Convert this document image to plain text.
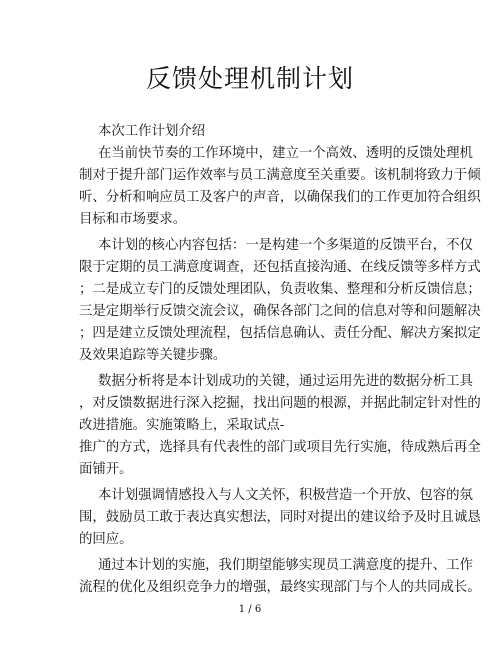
反馈处理机制计划
本次工作计划介绍
在当前快节奏的工作环境中，建立一个高效、透明的反馈处理机
制对于提升部门运作效率与员工满意度至关重要。该机制将致力于倾
听、分析和响应员工及客户的声音，以确保我们的工作更加符合组织
目标和市场要求。
本计划的核心内容包括：一是构建一个多渠道的反馈平台，不仅
限于定期的员工满意度调查，还包括直接沟通、在线反馈等多样方式
；二是成立专门的反馈处理团队，负责收集、整理和分析反馈信息；
三是定期举行反馈交流会议，确保各部门之间的信息对等和问题解决
；四是建立反馈处理流程，包括信息确认、责任分配、解决方案拟定
及效果追踪等关键步骤。
数据分析将是本计划成功的关键，通过运用先进的数据分析工具
，对反馈数据进行深入挖掘，找出问题的根源，并据此制定针对性的
改进措施。实施策略上，采取试点-
推广的方式，选择具有代表性的部门或项目先行实施，待成熟后再全
面铺开。
本计划强调情感投入与人文关怀，积极营造一个开放、包容的氛
围，鼓励员工敢于表达真实想法，同时对提出的建议给予及时且诚恳
的回应。
通过本计划的实施，我们期望能够实现员工满意度的提升、工作
流程的优化及组织竞争力的增强，最终实现部门与个人的共同成长。
1 / 6
